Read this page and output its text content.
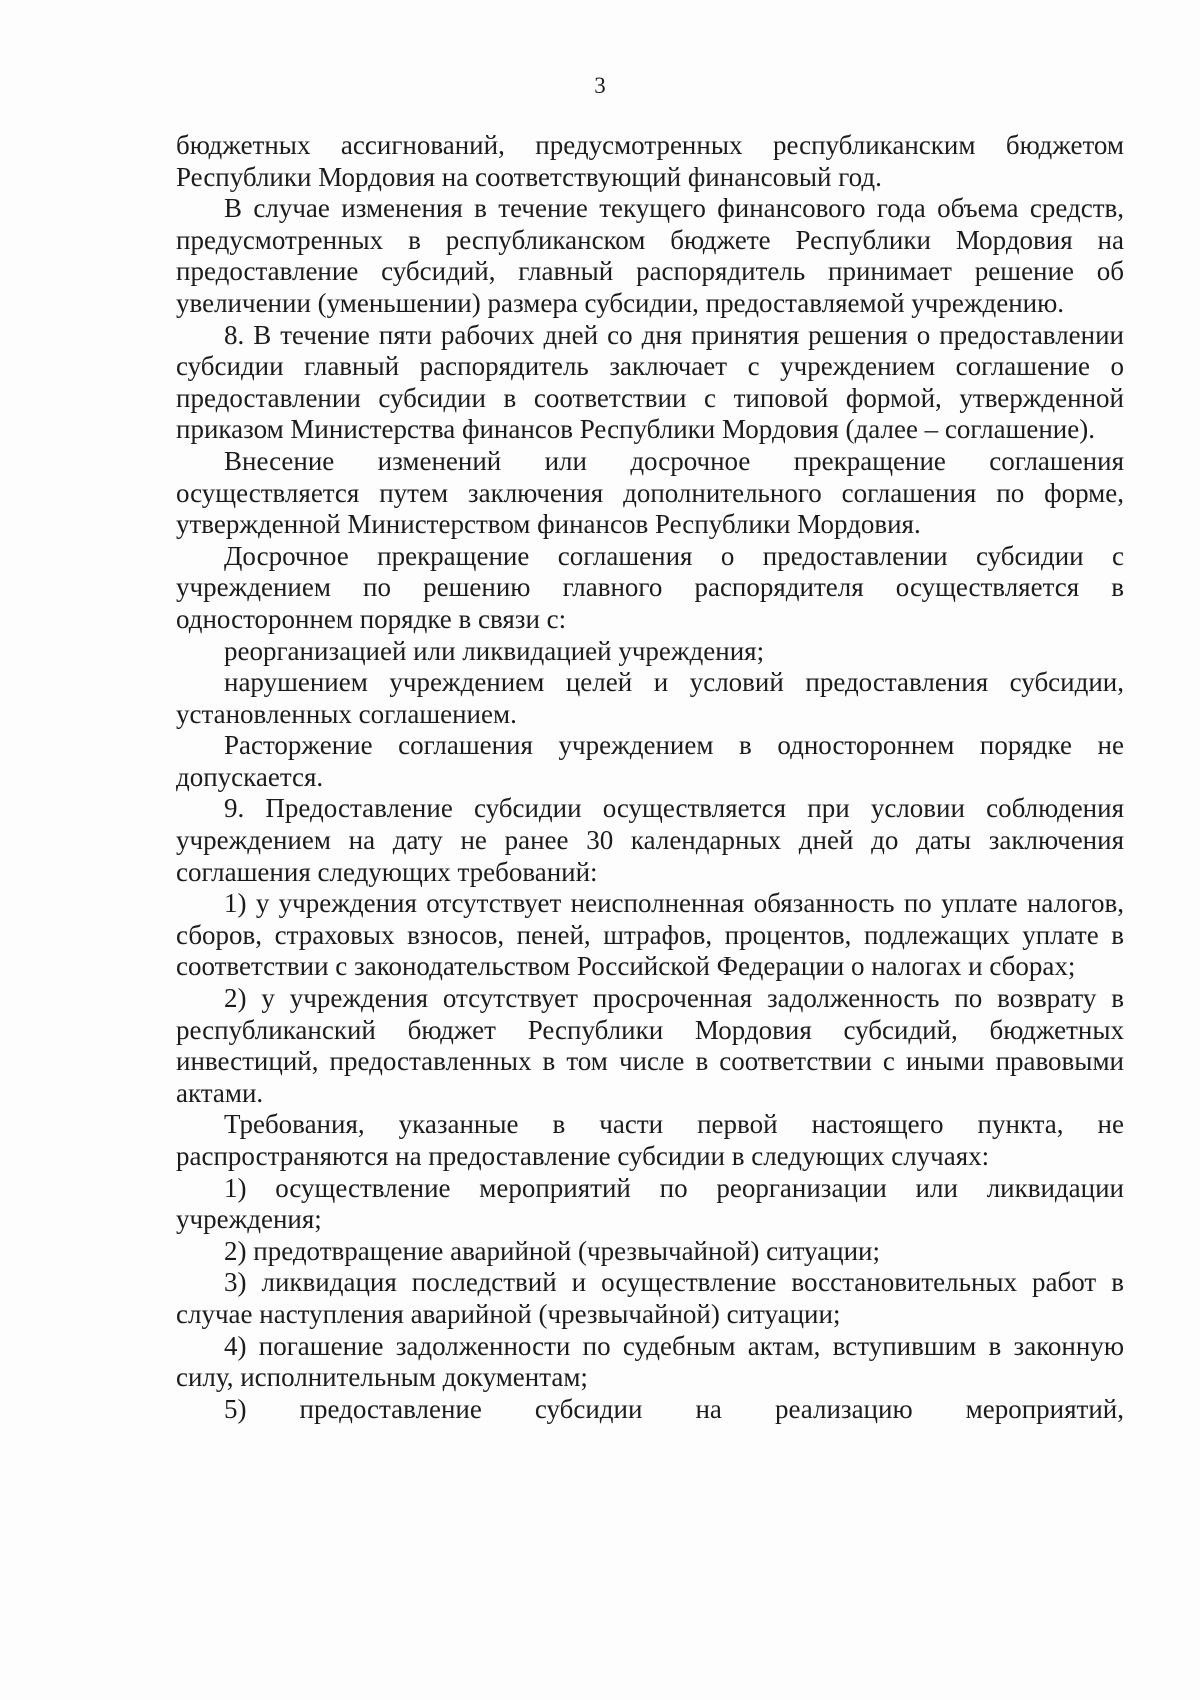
3

бюджетных ассигнований, предусмотренных республиканским бюджетом Республики Мордовия на соответствующий финансовый год.

В случае изменения в течение текущего финансового года объема средств, предусмотренных в республиканском бюджете Республики Мордовия на предоставление субсидий, главный распорядитель принимает решение об увеличении (уменьшении) размера субсидии, предоставляемой учреждению.

8. В течение пяти рабочих дней со дня принятия решения о предоставлении субсидии главный распорядитель заключает с учреждением соглашение о предоставлении субсидии в соответствии с типовой формой, утвержденной приказом Министерства финансов Республики Мордовия (далее – соглашение).

Внесение изменений или досрочное прекращение соглашения осуществляется путем заключения дополнительного соглашения по форме, утвержденной Министерством финансов Республики Мордовия.

Досрочное прекращение соглашения о предоставлении субсидии с учреждением по решению главного распорядителя осуществляется в одностороннем порядке в связи с:

реорганизацией или ликвидацией учреждения;

нарушением учреждением целей и условий предоставления субсидии, установленных соглашением.

Расторжение соглашения учреждением в одностороннем порядке не допускается.

9. Предоставление субсидии осуществляется при условии соблюдения учреждением на дату не ранее 30 календарных дней до даты заключения соглашения следующих требований:

1) у учреждения отсутствует неисполненная обязанность по уплате налогов, сборов, страховых взносов, пеней, штрафов, процентов, подлежащих уплате в соответствии с законодательством Российской Федерации о налогах и сборах;

2) у учреждения отсутствует просроченная задолженность по возврату в республиканский бюджет Республики Мордовия субсидий, бюджетных инвестиций, предоставленных в том числе в соответствии с иными правовыми актами.

Требования, указанные в части первой настоящего пункта, не распространяются на предоставление субсидии в следующих случаях:

1) осуществление мероприятий по реорганизации или ликвидации учреждения;

2) предотвращение аварийной (чрезвычайной) ситуации;

3) ликвидация последствий и осуществление восстановительных работ в случае наступления аварийной (чрезвычайной) ситуации;

4) погашение задолженности по судебным актам, вступившим в законную силу, исполнительным документам;

5) предоставление субсидии на реализацию мероприятий,
